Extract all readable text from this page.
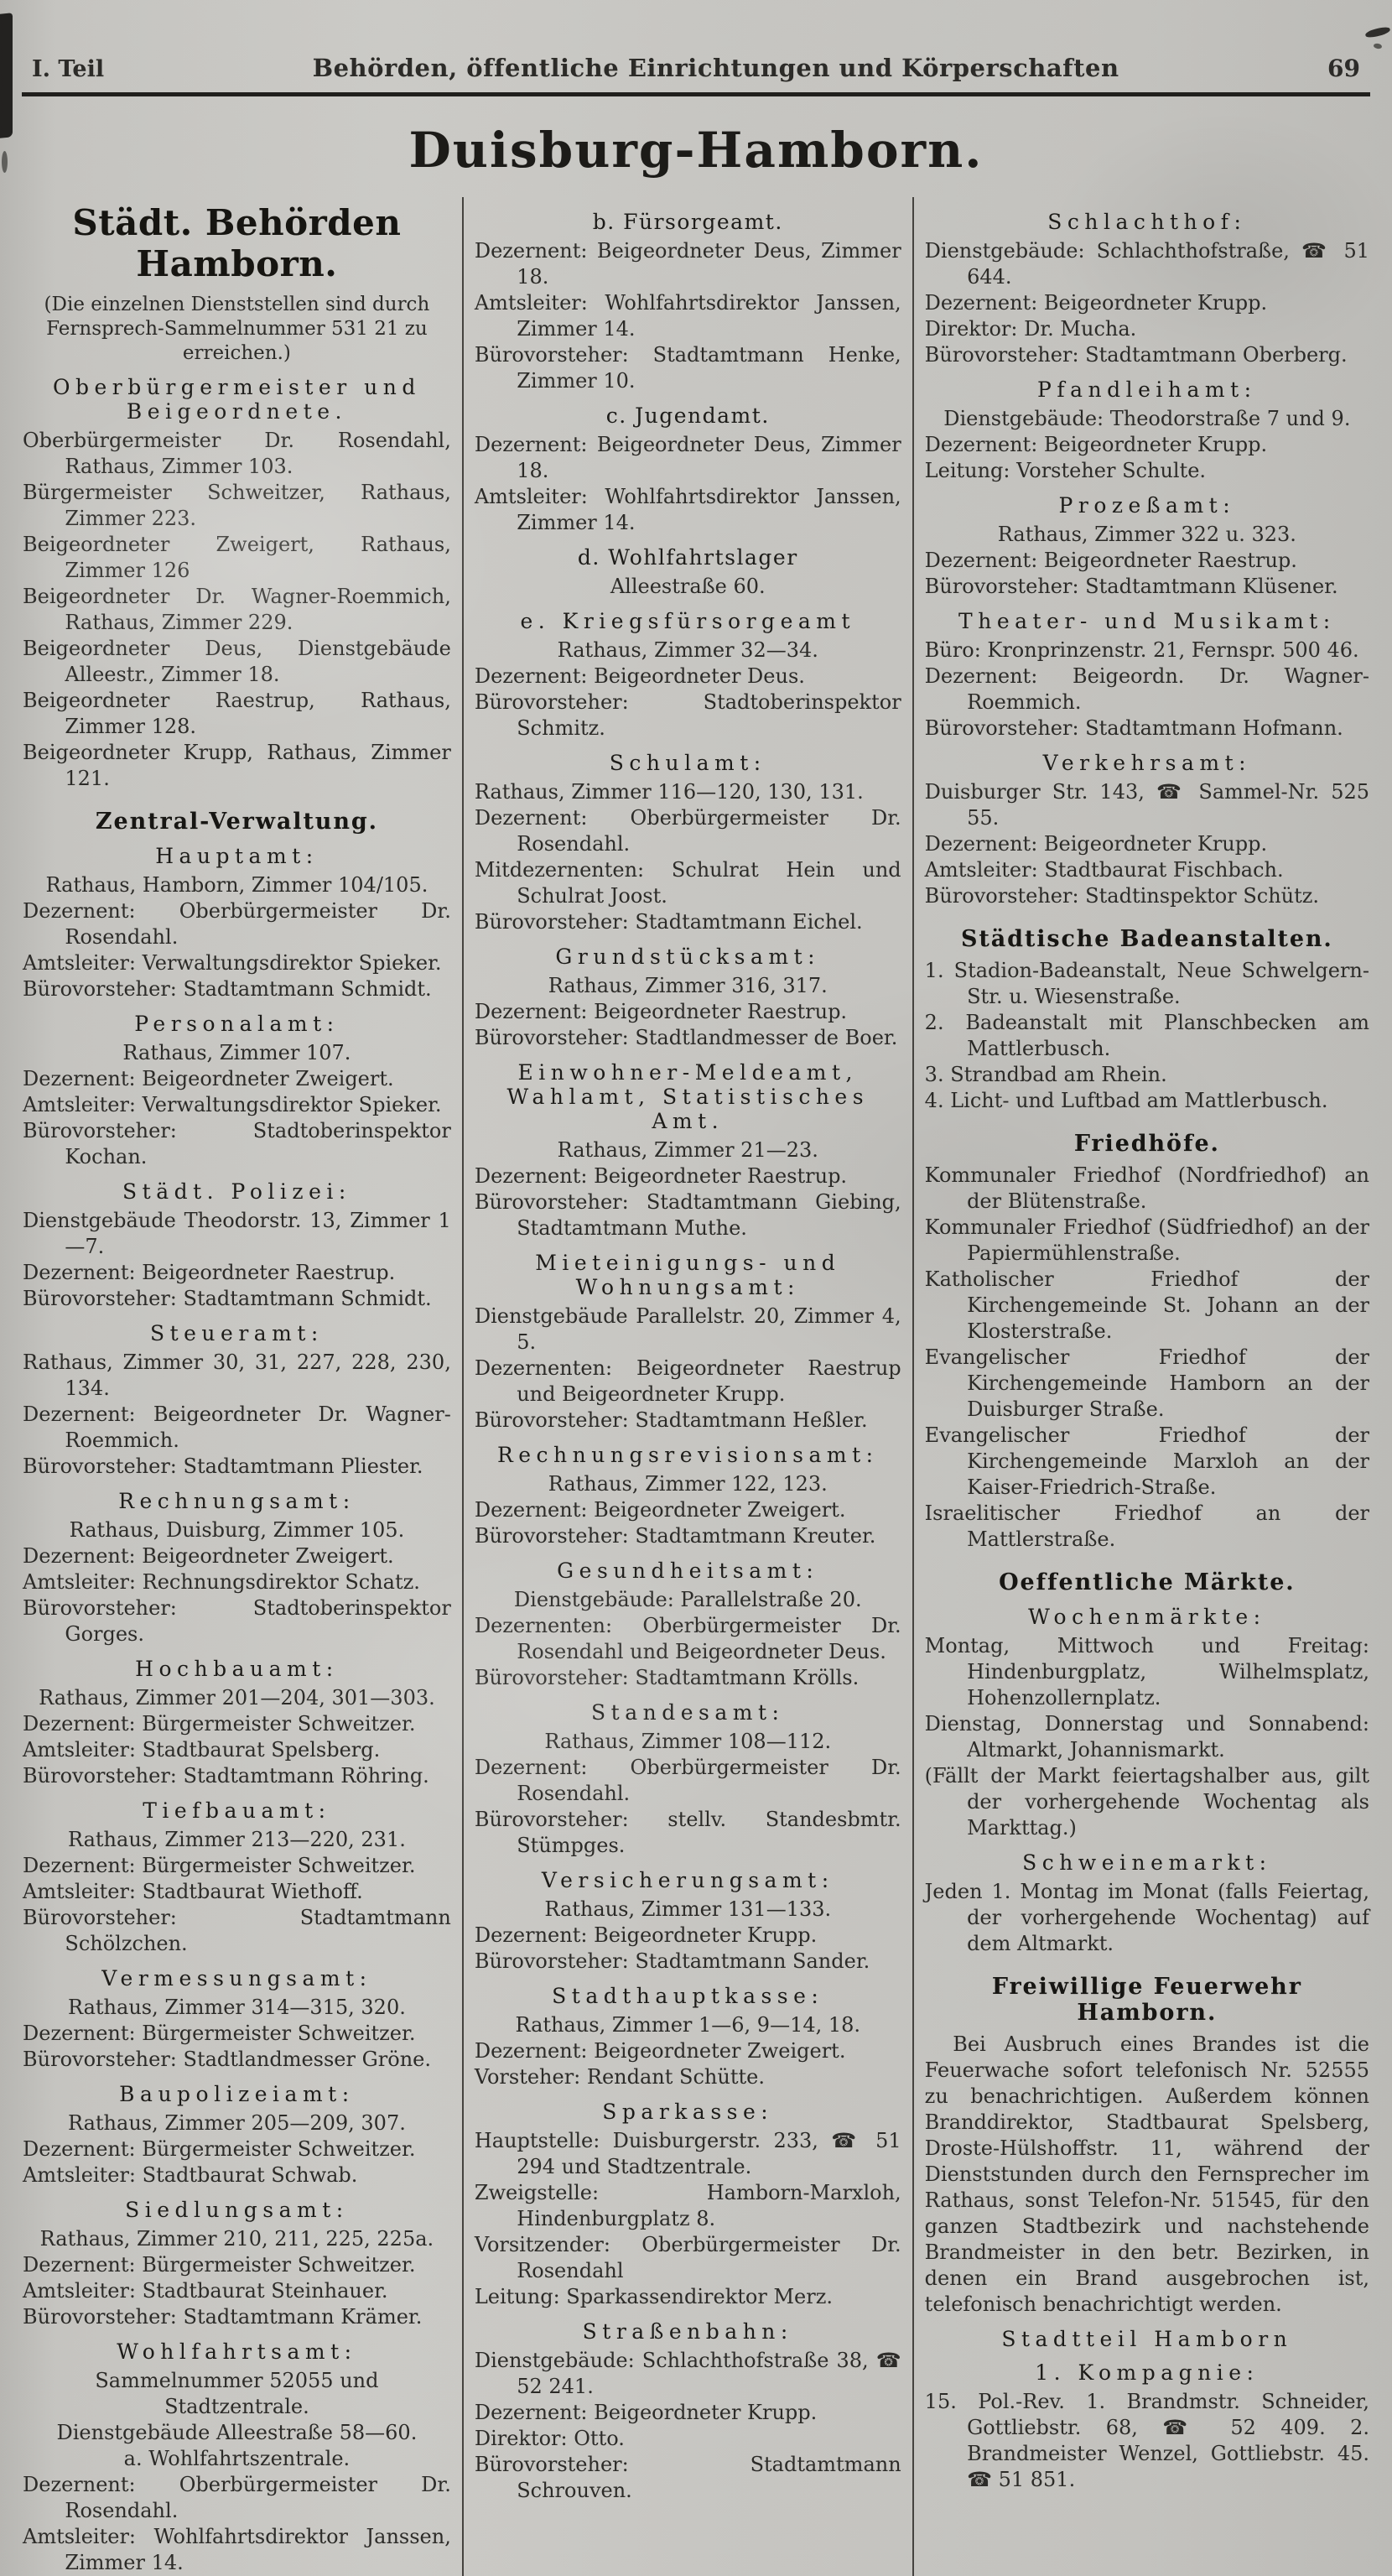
I. Teil	Behörden, öffentliche Einrichtungen und Körperschaften	69
Duisburg-Hamborn.
Städt. Behörden Hamborn.
(Die einzelnen Dienststellen sind durch Fernsprech-Sammelnummer 531 21 zu erreichen.)
Oberbürgermeister und Beigeordnete.

Oberbürgermeister Dr. Rosendahl, Rathaus, Zimmer 103.

Bürgermeister Schweitzer, Rathaus, Zimmer 223.

Beigeordneter Zweigert, Rathaus, Zimmer 126

Beigeordneter Dr. Wagner-Roemmich, Rathaus, Zimmer 229.

Beigeordneter Deus, Dienstgebäude Alleestr., Zimmer 18.

Beigeordneter Raestrup, Rathaus, Zimmer 128.

Beigeordneter Krupp, Rathaus, Zimmer 121.

Zentral-Verwaltung.
Hauptamt:
Rathaus, Hamborn, Zimmer 104/105.

Dezernent: Oberbürgermeister Dr. Rosendahl.

Amtsleiter: Verwaltungsdirektor Spieker.

Bürovorsteher: Stadtamtmann Schmidt.

Personalamt:
Rathaus, Zimmer 107.

Dezernent: Beigeordneter Zweigert.

Amtsleiter: Verwaltungsdirektor Spieker.

Bürovorsteher: Stadtoberinspektor Kochan.

Städt. Polizei:

Dienstgebäude Theodorstr. 13, Zimmer 1—7.

Dezernent: Beigeordneter Raestrup.

Bürovorsteher: Stadtamtmann Schmidt.

Steueramt:

Rathaus, Zimmer 30, 31, 227, 228, 230, 134.

Dezernent: Beigeordneter Dr. Wagner-Roemmich.

Bürovorsteher: Stadtamtmann Pliester.

Rechnungsamt:
Rathaus, Duisburg, Zimmer 105.

Dezernent: Beigeordneter Zweigert.

Amtsleiter: Rechnungsdirektor Schatz.

Bürovorsteher: Stadtoberinspektor Gorges.

Hochbauamt:
Rathaus, Zimmer 201—204, 301—303.

Dezernent: Bürgermeister Schweitzer.

Amtsleiter: Stadtbaurat Spelsberg.

Bürovorsteher: Stadtamtmann Röhring.

Tiefbauamt:
Rathaus, Zimmer 213—220, 231.

Dezernent: Bürgermeister Schweitzer.

Amtsleiter: Stadtbaurat Wiethoff.

Bürovorsteher: Stadtamtmann Schölzchen.

Vermessungsamt:
Rathaus, Zimmer 314—315, 320.

Dezernent: Bürgermeister Schweitzer.

Bürovorsteher: Stadtlandmesser Gröne.

Baupolizeiamt:
Rathaus, Zimmer 205—209, 307.

Dezernent: Bürgermeister Schweitzer.

Amtsleiter: Stadtbaurat Schwab.

Siedlungsamt:
Rathaus, Zimmer 210, 211, 225, 225a.

Dezernent: Bürgermeister Schweitzer.

Amtsleiter: Stadtbaurat Steinhauer.

Bürovorsteher: Stadtamtmann Krämer.

Wohlfahrtsamt:
Sammelnummer 52055 und Stadtzentrale.
Dienstgebäude Alleestraße 58—60.
a. Wohlfahrtszentrale.

Dezernent: Oberbürgermeister Dr. Rosendahl.

Amtsleiter: Wohlfahrtsdirektor Janssen, Zimmer 14.

b. Fürsorgeamt.

Dezernent: Beigeordneter Deus, Zimmer 18.

Amtsleiter: Wohlfahrtsdirektor Janssen, Zimmer 14.

Bürovorsteher: Stadtamtmann Henke, Zimmer 10.

c. Jugendamt.

Dezernent: Beigeordneter Deus, Zimmer 18.

Amtsleiter: Wohlfahrtsdirektor Janssen, Zimmer 14.

d. Wohlfahrtslager
Alleestraße 60.
e. Kriegsfürsorgeamt
Rathaus, Zimmer 32—34.

Dezernent: Beigeordneter Deus.

Bürovorsteher: Stadtoberinspektor Schmitz.

Schulamt:

Rathaus, Zimmer 116—120, 130, 131.

Dezernent: Oberbürgermeister Dr. Rosendahl.

Mitdezernenten: Schulrat Hein und Schulrat Joost.

Bürovorsteher: Stadtamtmann Eichel.

Grundstücksamt:
Rathaus, Zimmer 316, 317.

Dezernent: Beigeordneter Raestrup.

Bürovorsteher: Stadtlandmesser de Boer.

Einwohner-Meldeamt, Wahlamt, Statistisches Amt.
Rathaus, Zimmer 21—23.

Dezernent: Beigeordneter Raestrup.

Bürovorsteher: Stadtamtmann Giebing, Stadtamtmann Muthe.

Mieteinigungs- und Wohnungsamt:

Dienstgebäude Parallelstr. 20, Zimmer 4, 5.

Dezernenten: Beigeordneter Raestrup und Beigeordneter Krupp.

Bürovorsteher: Stadtamtmann Heßler.

Rechnungsrevisionsamt:
Rathaus, Zimmer 122, 123.

Dezernent: Beigeordneter Zweigert.

Bürovorsteher: Stadtamtmann Kreuter.

Gesundheitsamt:
Dienstgebäude: Parallelstraße 20.

Dezernenten: Oberbürgermeister Dr. Rosendahl und Beigeordneter Deus.

Bürovorsteher: Stadtamtmann Krölls.

Standesamt:
Rathaus, Zimmer 108—112.

Dezernent: Oberbürgermeister Dr. Rosendahl.

Bürovorsteher: stellv. Standesbmtr. Stümpges.

Versicherungsamt:
Rathaus, Zimmer 131—133.

Dezernent: Beigeordneter Krupp.

Bürovorsteher: Stadtamtmann Sander.

Stadthauptkasse:
Rathaus, Zimmer 1—6, 9—14, 18.

Dezernent: Beigeordneter Zweigert.

Vorsteher: Rendant Schütte.

Sparkasse:

Hauptstelle: Duisburgerstr. 233, ☎ 51 294 und Stadtzentrale.

Zweigstelle: Hamborn-Marxloh, Hindenburgplatz 8.

Vorsitzender: Oberbürgermeister Dr. Rosendahl

Leitung: Sparkassendirektor Merz.

Straßenbahn:

Dienstgebäude: Schlachthofstraße 38, ☎ 52 241.

Dezernent: Beigeordneter Krupp.

Direktor: Otto.

Bürovorsteher: Stadtamtmann Schrouven.

Schlachthof:

Dienstgebäude: Schlachthofstraße, ☎ 51 644.

Dezernent: Beigeordneter Krupp.

Direktor: Dr. Mucha.

Bürovorsteher: Stadtamtmann Oberberg.

Pfandleihamt:
Dienstgebäude: Theodorstraße 7 und 9.

Dezernent: Beigeordneter Krupp.

Leitung: Vorsteher Schulte.

Prozeßamt:
Rathaus, Zimmer 322 u. 323.

Dezernent: Beigeordneter Raestrup.

Bürovorsteher: Stadtamtmann Klüsener.

Theater- und Musikamt:

Büro: Kronprinzenstr. 21, Fernspr. 500 46.

Dezernent: Beigeordn. Dr. Wagner-Roemmich.

Bürovorsteher: Stadtamtmann Hofmann.

Verkehrsamt:

Duisburger Str. 143, ☎ Sammel-Nr. 525 55.

Dezernent: Beigeordneter Krupp.

Amtsleiter: Stadtbaurat Fischbach.

Bürovorsteher: Stadtinspektor Schütz.

Städtische Badeanstalten.

1. Stadion-Badeanstalt, Neue Schwelgern-Str. u. Wiesenstraße.

2. Badeanstalt mit Planschbecken am Mattlerbusch.

3. Strandbad am Rhein.

4. Licht- und Luftbad am Mattlerbusch.

Friedhöfe.

Kommunaler Friedhof (Nordfriedhof) an der Blütenstraße.

Kommunaler Friedhof (Südfriedhof) an der Papiermühlenstraße.

Katholischer Friedhof der Kirchengemeinde St. Johann an der Klosterstraße.

Evangelischer Friedhof der Kirchengemeinde Hamborn an der Duisburger Straße.

Evangelischer Friedhof der Kirchengemeinde Marxloh an der Kaiser-Friedrich-Straße.

Israelitischer Friedhof an der Mattlerstraße.

Oeffentliche Märkte.
Wochenmärkte:

Montag, Mittwoch und Freitag: Hindenburgplatz, Wilhelmsplatz, Hohenzollernplatz.

Dienstag, Donnerstag und Sonnabend: Altmarkt, Johannismarkt.

(Fällt der Markt feiertagshalber aus, gilt der vorhergehende Wochentag als Markttag.)

Schweinemarkt:

Jeden 1. Montag im Monat (falls Feiertag, der vorhergehende Wochentag) auf dem Altmarkt.

Freiwillige Feuerwehr Hamborn.
Bei Ausbruch eines Brandes ist die Feuerwache sofort telefonisch Nr. 52555 zu benachrichtigen. Außerdem können Branddirektor, Stadtbaurat Spelsberg, Droste-Hülshoffstr. 11, während der Dienststunden durch den Fernsprecher im Rathaus, sonst Telefon-Nr. 51545, für den ganzen Stadtbezirk und nachstehende Brandmeister in den betr. Bezirken, in denen ein Brand ausgebrochen ist, telefonisch benachrichtigt werden.
Stadtteil Hamborn
1. Kompagnie:

15. Pol.-Rev. 1. Brandmstr. Schneider, Gottliebstr. 68, ☎ 52 409. 2. Brandmeister Wenzel, Gottliebstr. 45. ☎ 51 851.
